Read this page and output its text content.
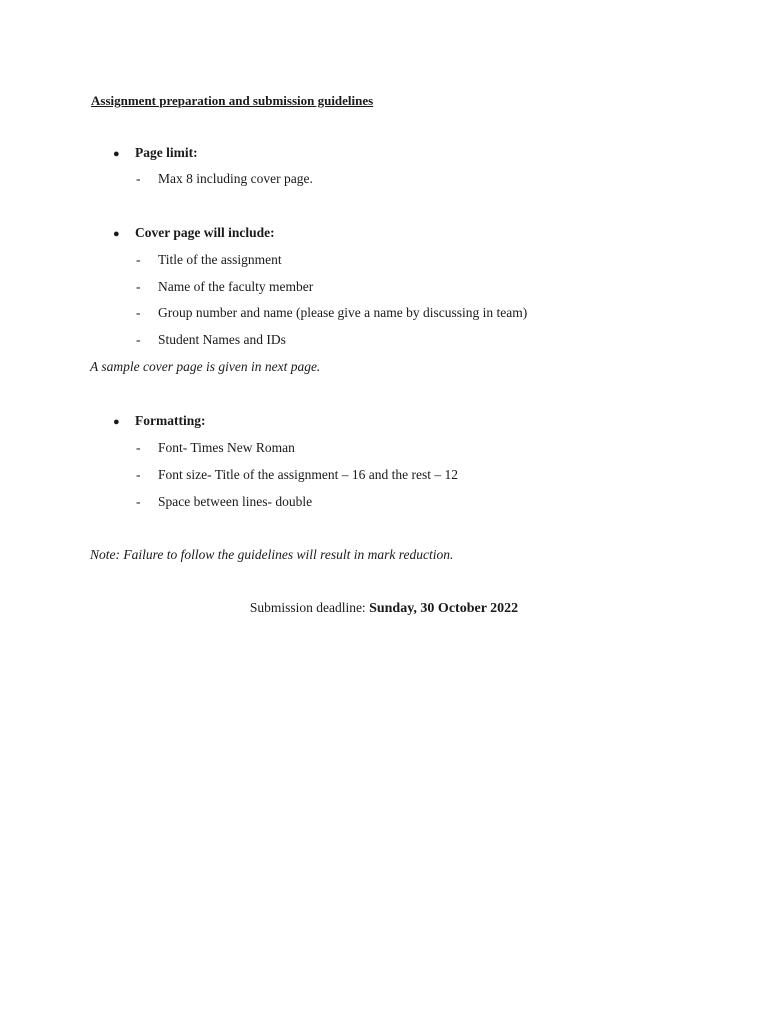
Assignment preparation and submission guidelines
● Page limit:
- Max 8 including cover page.
● Cover page will include:
- Title of the assignment
- Name of the faculty member
- Group number and name (please give a name by discussing in team)
- Student Names and IDs
A sample cover page is given in next page.
● Formatting:
- Font- Times New Roman
- Font size- Title of the assignment – 16 and the rest – 12
- Space between lines- double
Note: Failure to follow the guidelines will result in mark reduction.
Submission deadline: Sunday, 30 October 2022
